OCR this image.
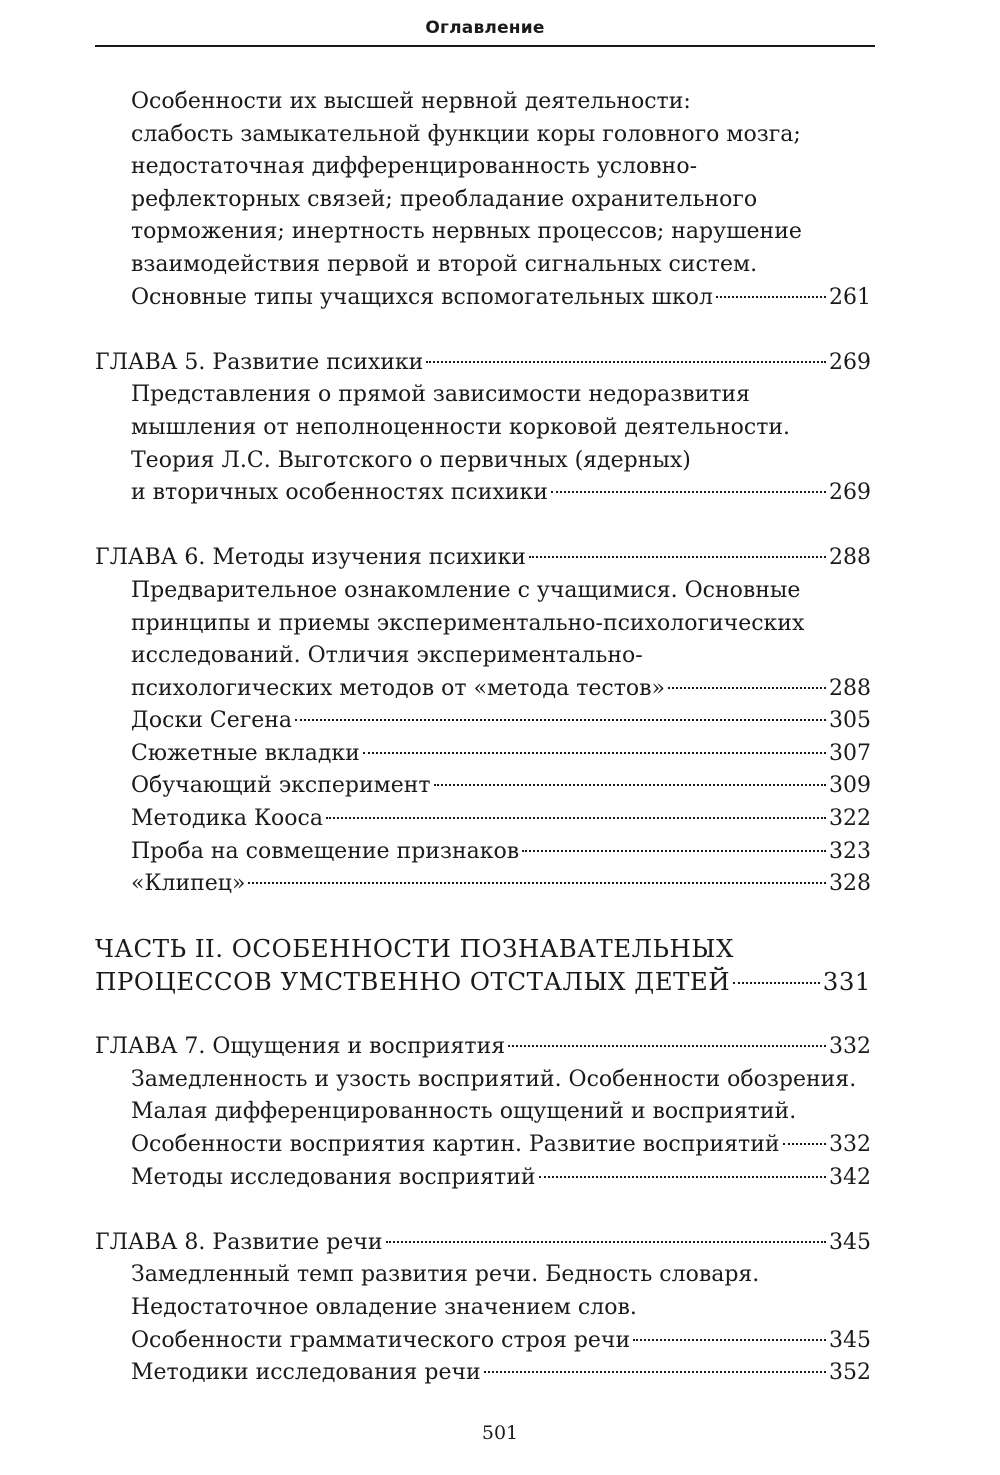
Оглавление
Особенности их высшей нервной деятельности:
слабость замыкательной функции коры головного мозга;
недостаточная дифференцированность условно-
рефлекторных связей; преобладание охранительного
торможения; инертность нервных процессов; нарушение
взаимодействия первой и второй сигнальных систем.
Основные типы учащихся вспомогательных школ	261
ГЛАВА 5. Развитие психики	269
Представления о прямой зависимости недоразвития
мышления от неполноценности корковой деятельности.
Теория Л.С. Выготского о первичных (ядерных)
и вторичных особенностях психики	269
ГЛАВА 6. Методы изучения психики	288
Предварительное ознакомление с учащимися. Основные
принципы и приемы экспериментально-психологических
исследований. Отличия экспериментально-
психологических методов от «метода тестов»	288
Доски Сегена	305
Сюжетные вкладки	307
Обучающий эксперимент	309
Методика Кооса	322
Проба на совмещение признаков	323
«Клипец»	328
ЧАСТЬ II. ОСОБЕННОСТИ ПОЗНАВАТЕЛЬНЫХ
ПРОЦЕССОВ УМСТВЕННО ОТСТАЛЫХ ДЕТЕЙ	331
ГЛАВА 7. Ощущения и восприятия	332
Замедленность и узость восприятий. Особенности обозрения.
Малая дифференцированность ощущений и восприятий.
Особенности восприятия картин. Развитие восприятий 332
Методы исследования восприятий	342
ГЛАВА 8. Развитие речи	345
Замедленный темп развития речи. Бедность словаря.
Недостаточное овладение значением слов.
Особенности грамматического строя речи	345
Методики исследования речи	352
501
